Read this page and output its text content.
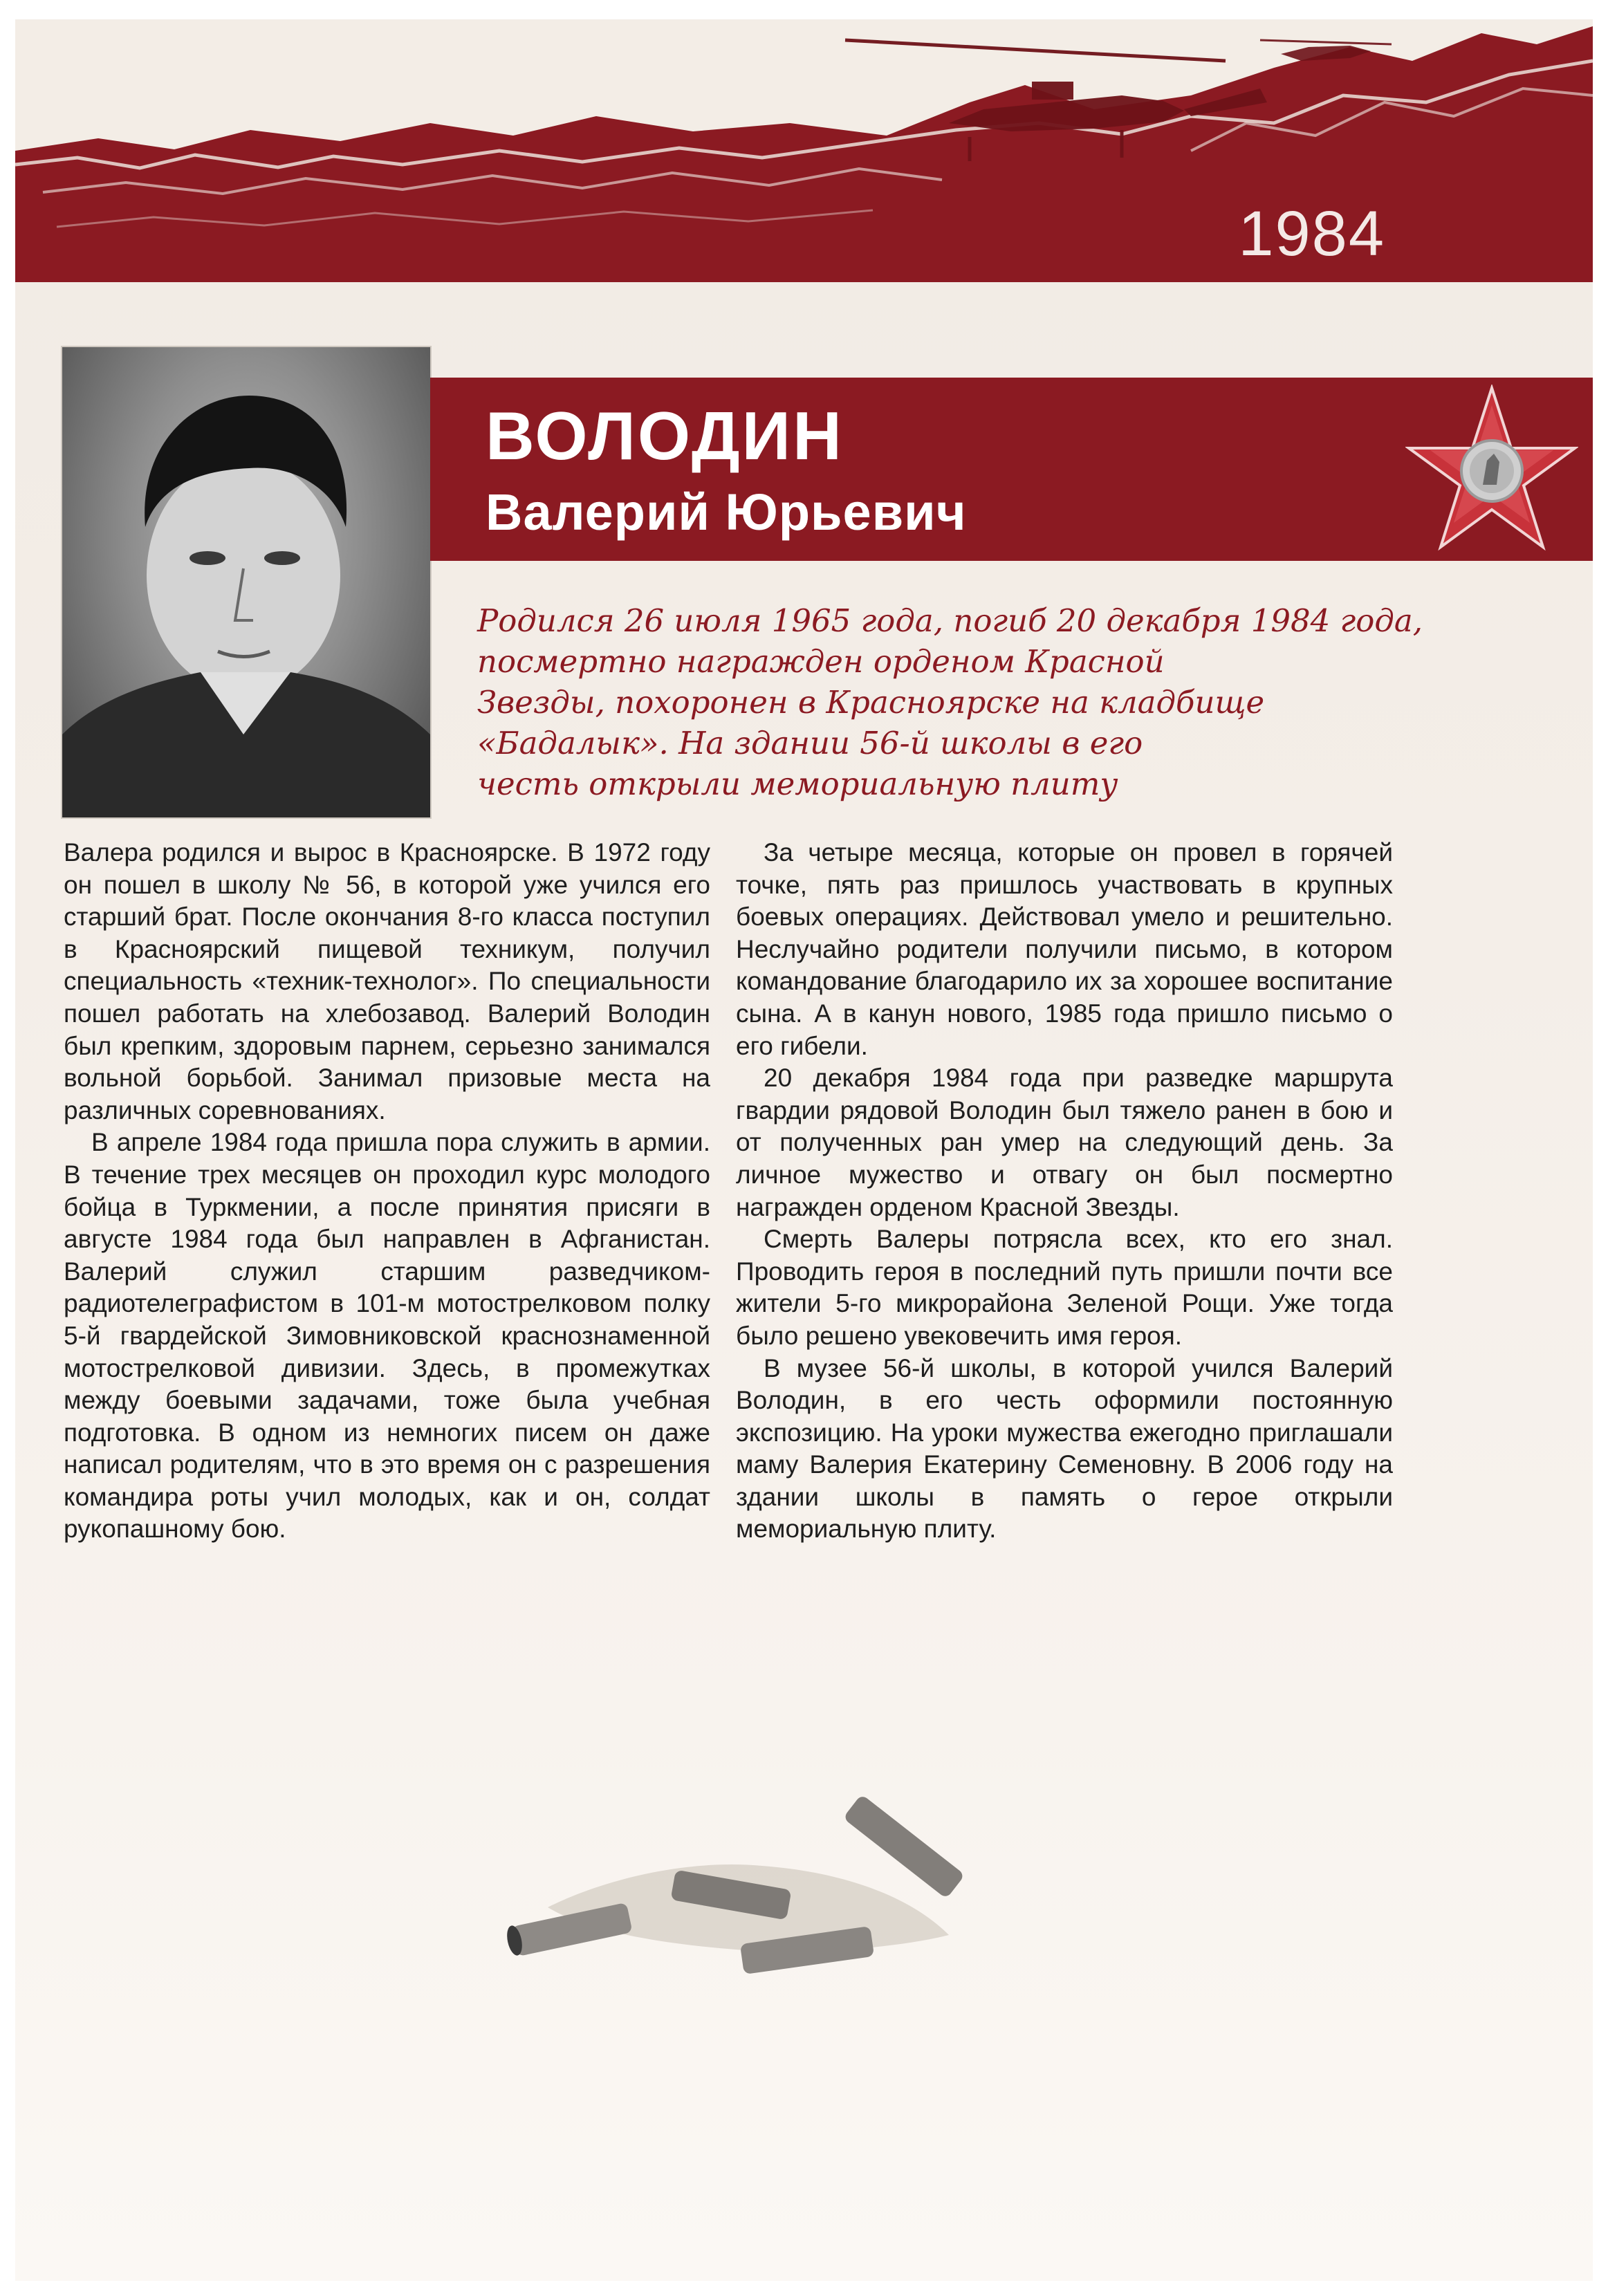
1984
ВОЛОДИН
Валерий Юрьевич
Родился 26 июля 1965 года, погиб 20 декабря 1984 года,
посмертно награжден орденом Красной
Звезды, похоронен в Красноярске на кладбище
«Бадалык». На здании 56-й школы в его
честь открыли мемориальную плиту

Валера родился и вырос в Красноярске. В 1972 году он пошел в школу № 56, в которой уже учился его старший брат. После окончания 8-го класса поступил в Красноярский пищевой техникум, получил специальность «техник-технолог». По специальности пошел работать на хлебозавод. Валерий Володин был крепким, здоровым парнем, серьезно занимался вольной борьбой. Занимал призовые места на различных соревнованиях.

В апреле 1984 года пришла пора служить в армии. В течение трех месяцев он проходил курс молодого бойца в Туркмении, а после принятия присяги в августе 1984 года был направлен в Афганистан. Валерий служил старшим разведчиком-радиотелеграфистом в 101-м мотострелковом полку 5-й гвардейской Зимовниковской краснознаменной мотострелковой дивизии. Здесь, в промежутках между боевыми задачами, тоже была учебная подготовка. В одном из немногих писем он даже написал родителям, что в это время он с разрешения командира роты учил молодых, как и он, солдат рукопашному бою.

За четыре месяца, которые он провел в горячей точке, пять раз пришлось участвовать в крупных боевых операциях. Действовал умело и решительно. Неслучайно родители получили письмо, в котором командование благодарило их за хорошее воспитание сына. А в канун нового, 1985 года пришло письмо о его гибели.

20 декабря 1984 года при разведке маршрута гвардии рядовой Володин был тяжело ранен в бою и от полученных ран умер на следующий день. За личное мужество и отвагу он был посмертно награжден орденом Красной Звезды.

Смерть Валеры потрясла всех, кто его знал. Проводить героя в последний путь пришли почти все жители 5-го микрорайона Зеленой Рощи. Уже тогда было решено увековечить имя героя.

В музее 56-й школы, в которой учился Валерий Володин, в его честь оформили постоянную экспозицию. На уроки мужества ежегодно приглашали маму Валерия Екатерину Семеновну. В 2006 году на здании школы в память о герое открыли мемориальную плиту.
